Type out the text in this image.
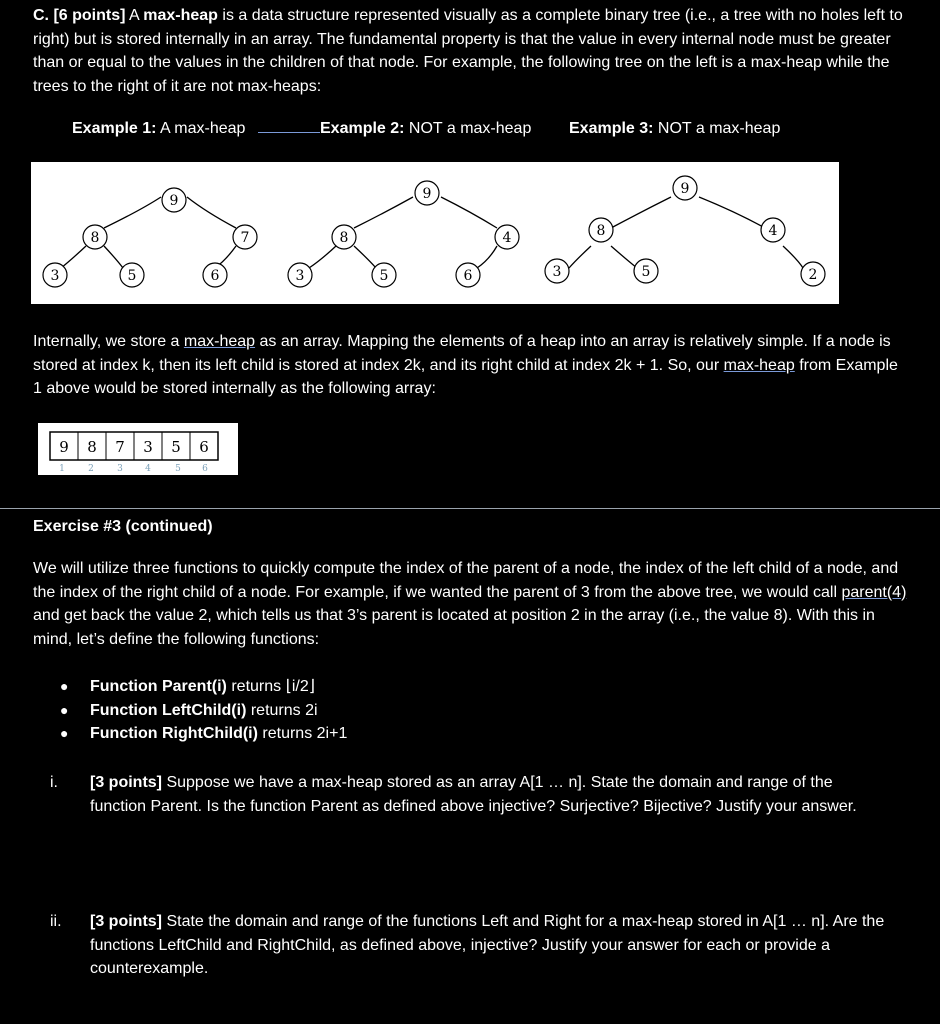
C. [6 points] A max-heap is a data structure represented visually as a complete binary tree (i.e., a tree with no holes left to right) but is stored internally in an array. The fundamental property is that the value in every internal node must be greater than or equal to the values in the children of that node. For example, the following tree on the left is a max-heap while the trees to the right of it are not max-heaps:

Example 1: A max-heap	Example 2: NOT a max-heap Example 3: NOT a max-heap
9
8	7
3	5	6
9
8	4
3	5	6
9
8	4
3	5	2

Internally, we store a max-heap as an array. Mapping the elements of a heap into an array is relatively simple. If a node is stored at index k, then its left child is stored at index 2k, and its right child at index 2k + 1. So, our max-heap from Example 1 above would be stored internally as the following array:

9 8 7 3 5 6
1	2	3 4	5 6

Exercise #3 (continued)

We will utilize three functions to quickly compute the index of the parent of a node, the index of the left child of a node, and the index of the right child of a node. For example, if we wanted the parent of 3 from the above tree, we would call parent(4) and get back the value 2, which tells us that 3’s parent is located at position 2 in the array (i.e., the value 8). With this in mind, let’s define the following functions:

●	Function Parent(i) returns ⌊i/2⌋
●	Function LeftChild(i) returns 2i
●	Function RightChild(i) returns 2i+1
i.	[3 points] Suppose we have a max-heap stored as an array A[1 … n]. State the domain and range of the function Parent. Is the function Parent as defined above injective? Surjective? Bijective? Justify your answer.
ii.	[3 points] State the domain and range of the functions Left and Right for a max-heap stored in A[1 … n]. Are the functions LeftChild and RightChild, as defined above, injective? Justify your answer for each or provide a counterexample.
